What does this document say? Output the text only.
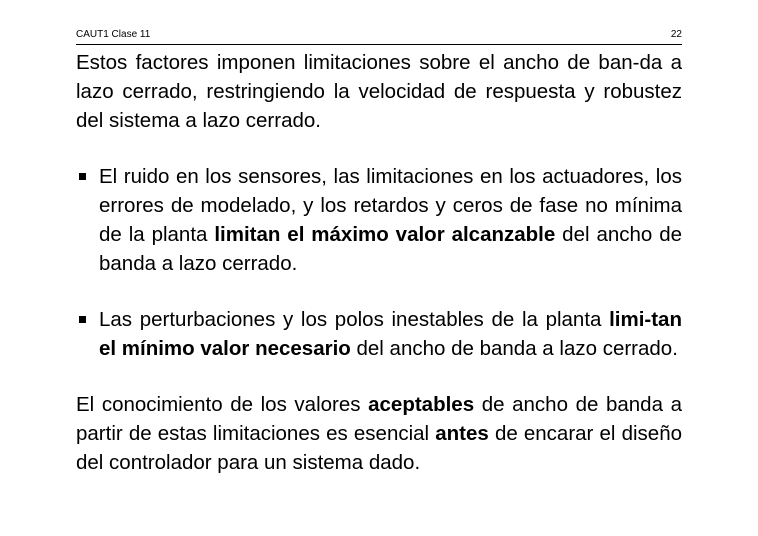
CAUT1 Clase 11	22

Estos factores imponen limitaciones sobre el ancho de ban-da a lazo cerrado, restringiendo la velocidad de respuesta y robustez del sistema a lazo cerrado.

El ruido en los sensores, las limitaciones en los actuadores, los errores de modelado, y los retardos y ceros de fase no mínima de la planta limitan el máximo valor alcanzable del ancho de banda a lazo cerrado.
Las perturbaciones y los polos inestables de la planta limi-tan el mínimo valor necesario del ancho de banda a lazo cerrado.

El conocimiento de los valores aceptables de ancho de banda a partir de estas limitaciones es esencial antes de encarar el diseño del controlador para un sistema dado.
